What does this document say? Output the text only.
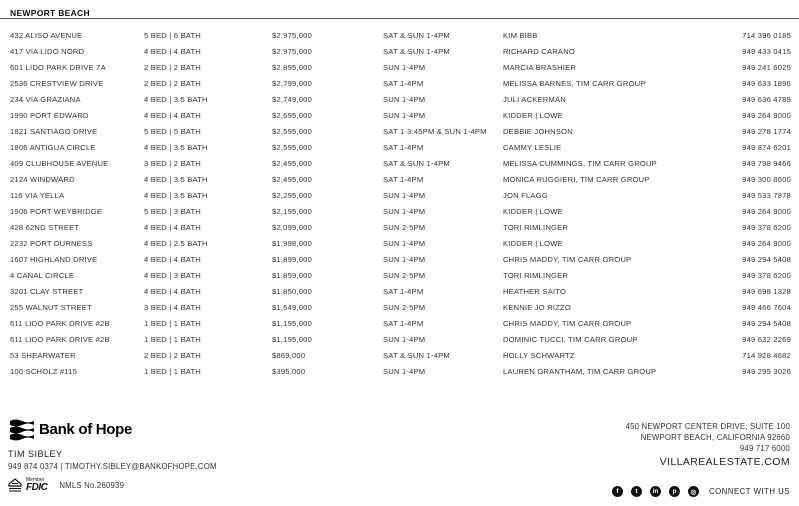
NEWPORT BEACH
432 ALISO AVENUE	5 BED | 6 BATH	$2,975,000	SAT & SUN 1-4PM	KIM BIBB	714 396 0185
417 VIA LIDO NORD	4 BED | 4 BATH	$2,975,000	SAT & SUN 1-4PM	RICHARD CARANO	949 433 0415
601 LIDO PARK DRIVE 7A	2 BED | 2 BATH	$2,895,000	SUN 1-4PM	MARCIA BRASHIER	949 241 6025
2536 CRESTVIEW DRIVE	2 BED | 2 BATH	$2,799,000	SAT 1-4PM	MELISSA BARNES, TIM CARR GROUP	949 633 1896
234 VIA GRAZIANA	4 BED | 3.5 BATH	$2,749,000	SUN 1-4PM	JULI ACKERMAN	949 636 4789
1990 PORT EDWARD	4 BED | 4 BATH	$2,695,000	SUN 1-4PM	KIDDER | LOWE	949 264 9000
1821 SANTIAGO DRIVE	5 BED | 5 BATH	$2,595,000	SAT 1-3:45PM & SUN 1-4PM	DEBBIE JOHNSON	949 278 1774
1806 ANTIGUA CIRCLE	4 BED | 3.5 BATH	$2,595,000	SAT 1-4PM	CAMMY LESLIE	949 874 6201
409 CLUBHOUSE AVENUE	3 BED | 2 BATH	$2,495,000	SAT & SUN 1-4PM	MELISSA CUMMINGS, TIM CARR GROUP	949 798 9466
2124 WINDWARD	4 BED | 3.5 BATH	$2,495,000	SAT 1-4PM	MONICA RUGGIERI, TIM CARR GROUP	949 300 8600
116 VIA YELLA	4 BED | 3.5 BATH	$2,295,000	SUN 1-4PM	JON FLAGG	949 533 7878
1906 PORT WEYBRIDGE	5 BED | 3 BATH	$2,195,000	SUN 1-4PM	KIDDER | LOWE	949 264 9000
428 62ND STREET	4 BED | 4 BATH	$2,099,000	SUN 2-5PM	TORI RIMLINGER	949 378 6200
2232 PORT DURNESS	4 BED | 2.5 BATH	$1,998,000	SUN 1-4PM	KIDDER | LOWE	949 264 9000
1607 HIGHLAND DRIVE	4 BED | 4 BATH	$1,899,000	SUN 1-4PM	CHRIS MADDY, TIM CARR GROUP	949 294 5408
4 CANAL CIRCLE	4 BED | 3 BATH	$1,859,000	SUN 2-5PM	TORI RIMLINGER	949 378 6200
3201 CLAY STREET	4 BED | 4 BATH	$1,850,000	SAT 1-4PM	HEATHER SAITO	949 698 1328
255 WALNUT STREET	3 BED | 4 BATH	$1,649,000	SUN 2-5PM	KENNIE JO RIZZO	949 466 7604
611 LIDO PARK DRIVE #2B	1 BED | 1 BATH	$1,195,000	SAT 1-4PM	CHRIS MADDY, TIM CARR GROUP	949 294 5408
611 LIDO PARK DRIVE #2B	1 BED | 1 BATH	$1,195,000	SUN 1-4PM	DOMINIC TUCCI, TIM CARR GROUP	949 632 2269
53 SHEARWATER	2 BED | 2 BATH	$869,000	SAT & SUN 1-4PM	HOLLY SCHWARTZ	714 928 4682
100 SCHOLZ #115	1 BED | 1 BATH	$395,000	SUN 1-4PM	LAUREN GRANTHAM, TIM CARR GROUP	949 295 3026
Bank of Hope
TIM SIBLEY
949 874 0374 | TIMOTHY.SIBLEY@BANKOFHOPE.COM
Member
FDIC NMLS No.260939
450 NEWPORT CENTER DRIVE, SUITE 100
NEWPORT BEACH, CALIFORNIA 92660
949 717 6000
VILLAREALESTATE.COM
f	t	in	p	◎	CONNECT WITH US
